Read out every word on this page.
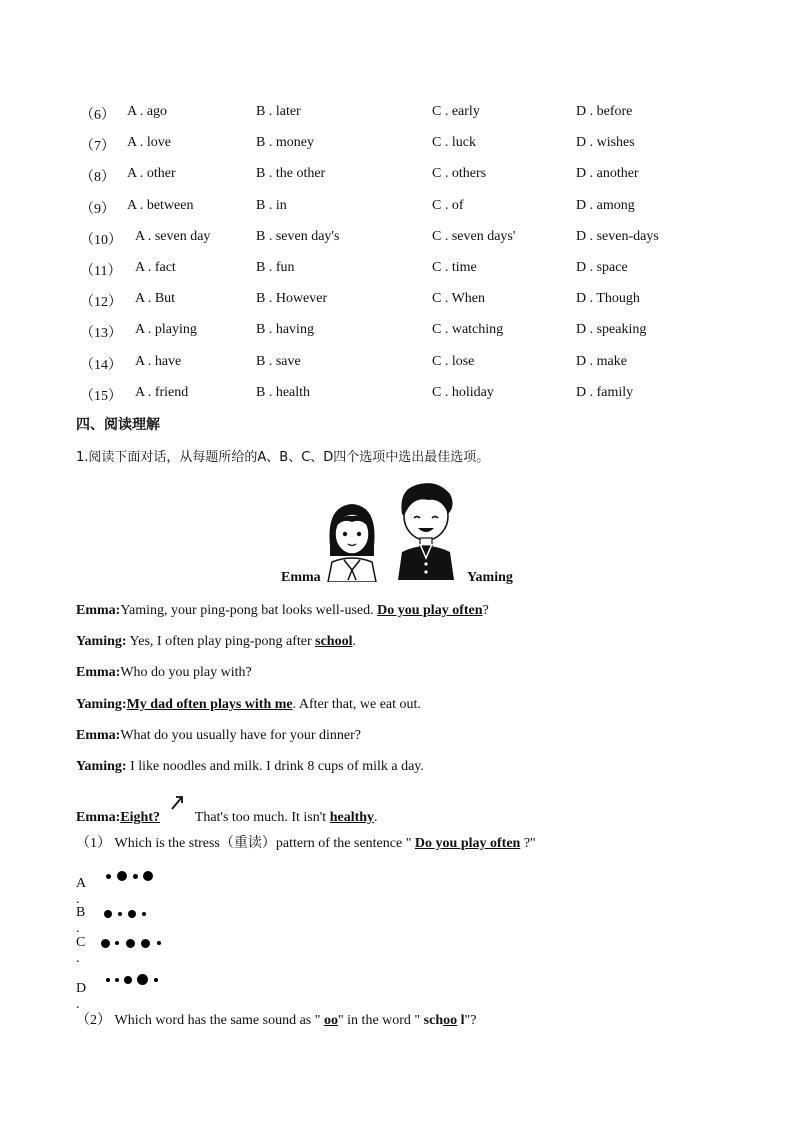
（6） A . ago	B . later	C . early	D . before
（7） A . love	B . money	C . luck	D . wishes
（8） A . other	B . the other	C . others	D . another
（9） A . between	B . in	C . of	D . among
（10） A . seven day	B . seven day's	C . seven days'	D . seven-days
（11） A . fact	B . fun	C . time	D . space
（12） A . But	B . However	C . When	D . Though
（13） A . playing	B . having	C . watching	D . speaking
（14） A . have	B . save	C . lose	D . make
（15） A . friend	B . health	C . holiday	D . family
四、阅读理解
1.阅读下面对话，从每题所给的A、B、C、D四个选项中选出最佳选项。
Emma	Yaming
Emma:Yaming, your ping-pong bat looks well-used. Do you play often?
Yaming: Yes, I often play ping-pong after school.
Emma:Who do you play with?
Yaming:My dad often plays with me. After that, we eat out.
Emma:What do you usually have for your dinner?
Yaming: I like noodles and milk. I drink 8 cups of milk a day.
Emma:Eight? That's too much. It isn't healthy.
（1） Which is the stress（重读）pattern of the sentence " Do you play often ?"
A .
B .
C .
D .
（2） Which word has the same sound as " oo" in the word " schoo l"?
